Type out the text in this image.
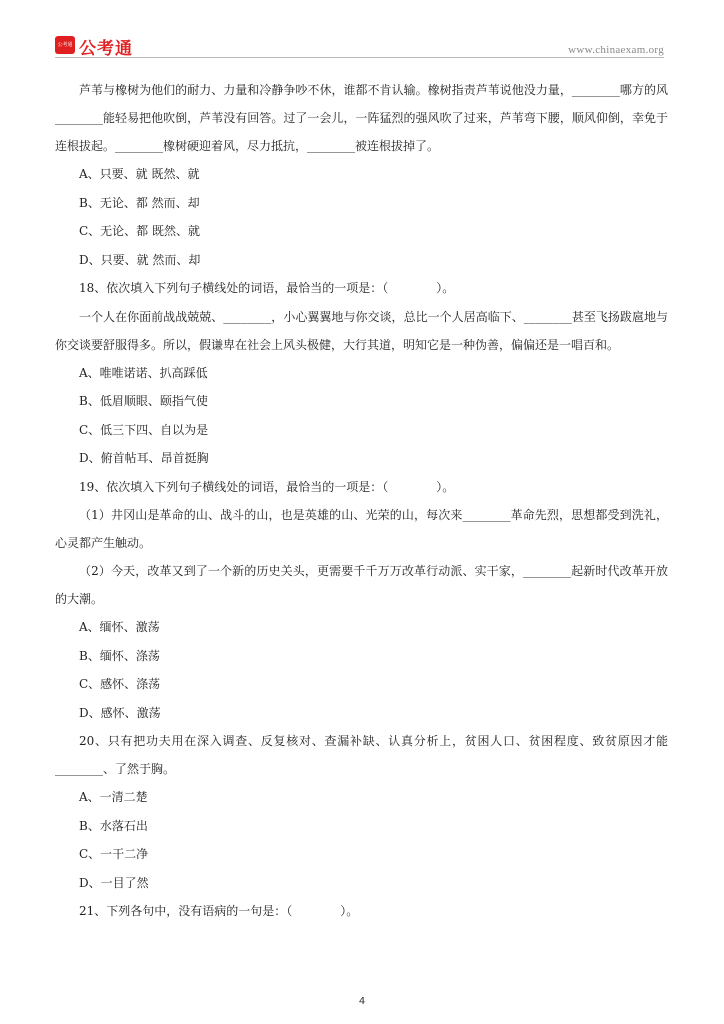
公考通 公考通	www.chinaexam.org

芦苇与橡树为他们的耐力、力量和冷静争吵不休，谁都不肯认输。橡树指责芦苇说他没力量，________哪方的风________能轻易把他吹倒，芦苇没有回答。过了一会儿，一阵猛烈的强风吹了过来，芦苇弯下腰，顺风仰倒，幸免于连根拔起。________橡树硬迎着风，尽力抵抗，________被连根拔掉了。

A、只要、就 既然、就

B、无论、都 然而、却

C、无论、都 既然、就

D、只要、就 然而、却

18、依次填入下列句子横线处的词语，最恰当的一项是：（　　　　）。

一个人在你面前战战兢兢、________，小心翼翼地与你交谈，总比一个人居高临下、________甚至飞扬跋扈地与你交谈要舒服得多。所以，假谦卑在社会上风头极健，大行其道，明知它是一种伪善，偏偏还是一唱百和。

A、唯唯诺诺、扒高踩低

B、低眉顺眼、颐指气使

C、低三下四、自以为是

D、俯首帖耳、昂首挺胸

19、依次填入下列句子横线处的词语，最恰当的一项是：（　　　　）。

（1）井冈山是革命的山、战斗的山，也是英雄的山、光荣的山，每次来________革命先烈，思想都受到洗礼，心灵都产生触动。

（2）今天，改革又到了一个新的历史关头，更需要千千万万改革行动派、实干家，________起新时代改革开放的大潮。

A、缅怀、激荡

B、缅怀、涤荡

C、感怀、涤荡

D、感怀、激荡

20、只有把功夫用在深入调查、反复核对、查漏补缺、认真分析上，贫困人口、贫困程度、致贫原因才能________、了然于胸。

A、一清二楚

B、水落石出

C、一干二净

D、一目了然

21、下列各句中，没有语病的一句是：（　　　　）。

4
